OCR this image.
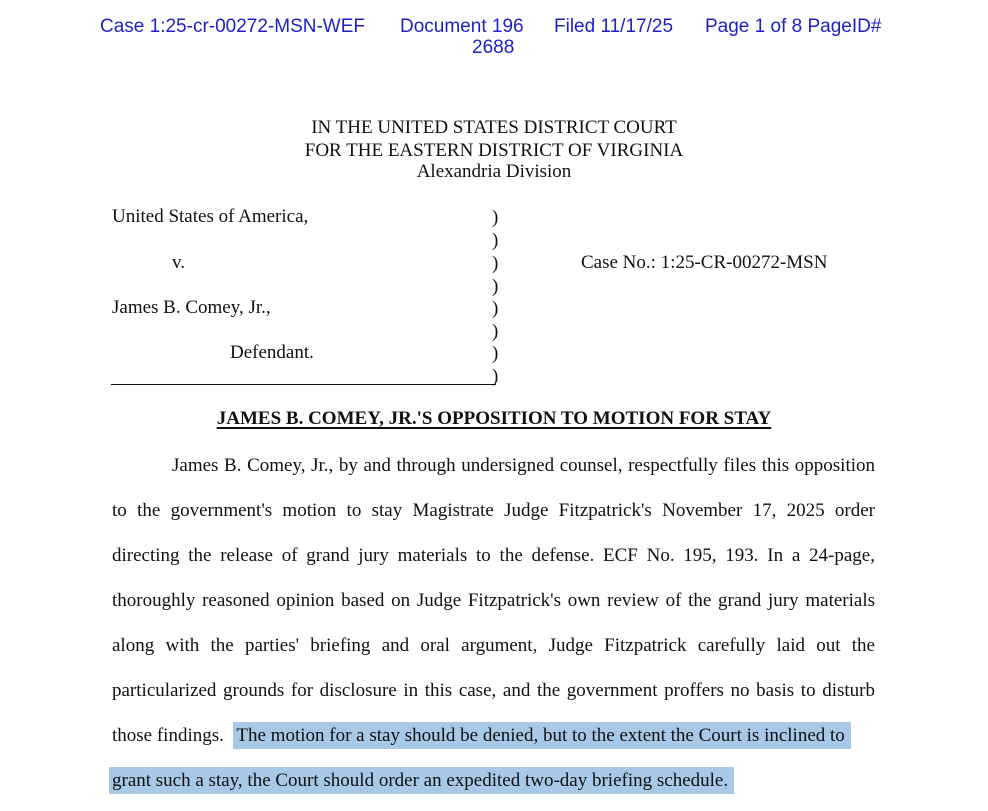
Case 1:25-cr-00272-MSN-WEF Document 196 Filed 11/17/25 Page 1 of 8 PageID#
2688
IN THE UNITED STATES DISTRICT COURT
FOR THE EASTERN DISTRICT OF VIRGINIA
Alexandria Division
United States of America,
v.
James B. Comey, Jr.,
Defendant.
Case No.: 1:25-CR-00272-MSN
)
)
)
)
)
)
)
)
JAMES B. COMEY, JR.'S OPPOSITION TO MOTION FOR STAY
James B. Comey, Jr., by and through undersigned counsel, respectfully files this opposition
to the government's motion to stay Magistrate Judge Fitzpatrick's November 17, 2025 order
directing the release of grand jury materials to the defense. ECF No. 195, 193. In a 24-page,
thoroughly reasoned opinion based on Judge Fitzpatrick's own review of the grand jury materials
along with the parties' briefing and oral argument, Judge Fitzpatrick carefully laid out the
particularized grounds for disclosure in this case, and the government proffers no basis to disturb
those findings. The motion for a stay should be denied, but to the extent the Court is inclined to
grant such a stay, the Court should order an expedited two-day briefing schedule.
